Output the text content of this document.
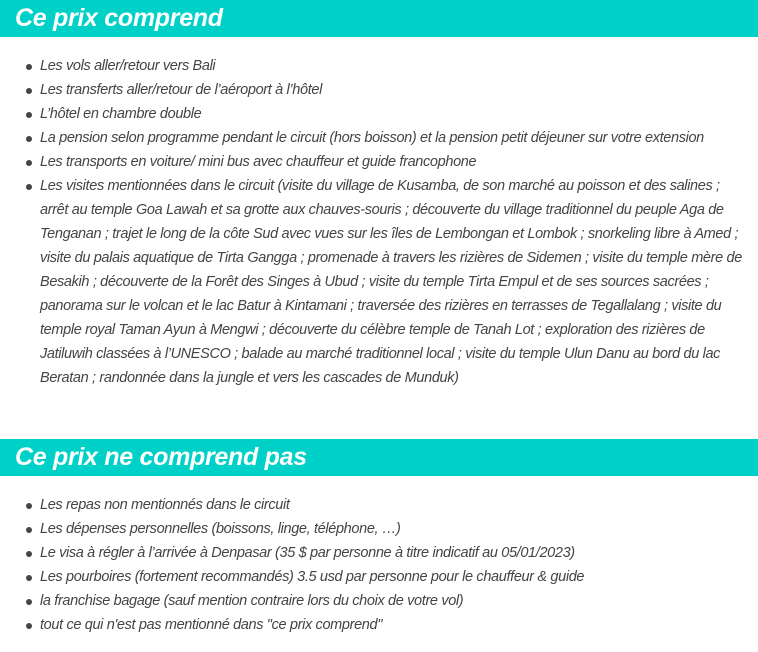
Ce prix comprend
Les vols aller/retour vers Bali
Les transferts aller/retour de l’aéroport à l’hôtel
L’hôtel en chambre double
La pension selon programme pendant le circuit (hors boisson) et la pension petit déjeuner sur votre extension
Les transports en voiture/ mini bus avec chauffeur et guide francophone
Les visites mentionnées dans le circuit (visite du village de Kusamba, de son marché au poisson et des salines ; arrêt au temple Goa Lawah et sa grotte aux chauves-souris ; découverte du village traditionnel du peuple Aga de Tenganan ; trajet le long de la côte Sud avec vues sur les îles de Lembongan et Lombok ; snorkeling libre à Amed ; visite du palais aquatique de Tirta Gangga ; promenade à travers les rizières de Sidemen ; visite du temple mère de Besakih ; découverte de la Forêt des Singes à Ubud ; visite du temple Tirta Empul et de ses sources sacrées ; panorama sur le volcan et le lac Batur à Kintamani ; traversée des rizières en terrasses de Tegallalang ; visite du temple royal Taman Ayun à Mengwi ; découverte du célèbre temple de Tanah Lot ; exploration des rizières de Jatiluwih classées à l’UNESCO ; balade au marché traditionnel local ; visite du temple Ulun Danu au bord du lac Beratan ; randonnée dans la jungle et vers les cascades de Munduk)
Ce prix ne comprend pas
Les repas non mentionnés dans le circuit
Les dépenses personnelles (boissons, linge, téléphone, …)
Le visa à régler à l’arrivée à Denpasar (35 $ par personne à titre indicatif au 05/01/2023)
Les pourboires (fortement recommandés) 3.5 usd par personne pour le chauffeur & guide
la franchise bagage (sauf mention contraire lors du choix de votre vol)
tout ce qui n'est pas mentionné dans "ce prix comprend"
